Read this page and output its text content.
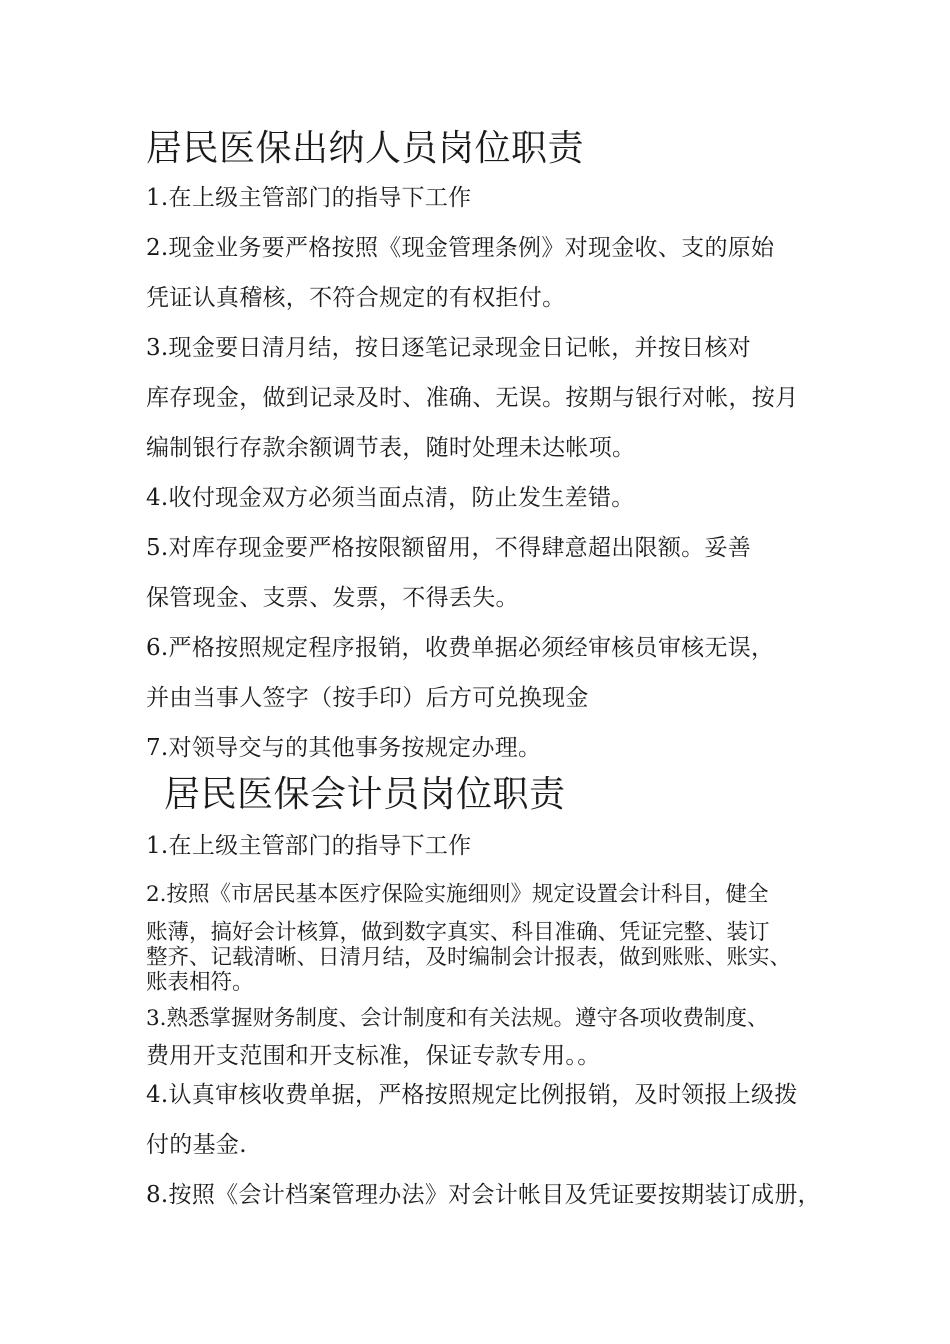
居民医保出纳人员岗位职责
1.在上级主管部门的指导下工作
2.现金业务要严格按照《现金管理条例》对现金收、支的原始
凭证认真稽核，不符合规定的有权拒付。
3.现金要日清月结，按日逐笔记录现金日记帐，并按日核对
库存现金，做到记录及时、准确、无误。按期与银行对帐，按月
编制银行存款余额调节表，随时处理未达帐项。
4.收付现金双方必须当面点清，防止发生差错。
5.对库存现金要严格按限额留用，不得肆意超出限额。妥善
保管现金、支票、发票，不得丢失。
6.严格按照规定程序报销，收费单据必须经审核员审核无误，
并由当事人签字（按手印）后方可兑换现金
7.对领导交与的其他事务按规定办理。
居民医保会计员岗位职责
1.在上级主管部门的指导下工作
2.按照《市居民基本医疗保险实施细则》规定设置会计科目，健全
账薄，搞好会计核算，做到数字真实、科目准确、凭证完整、装订
整齐、记载清晰、日清月结，及时编制会计报表，做到账账、账实、
账表相符。
3.熟悉掌握财务制度、会计制度和有关法规。遵守各项收费制度、
费用开支范围和开支标准，保证专款专用。。
4.认真审核收费单据，严格按照规定比例报销，及时领报上级拨
付的基金.
8.按照《会计档案管理办法》对会计帐目及凭证要按期装订成册，
